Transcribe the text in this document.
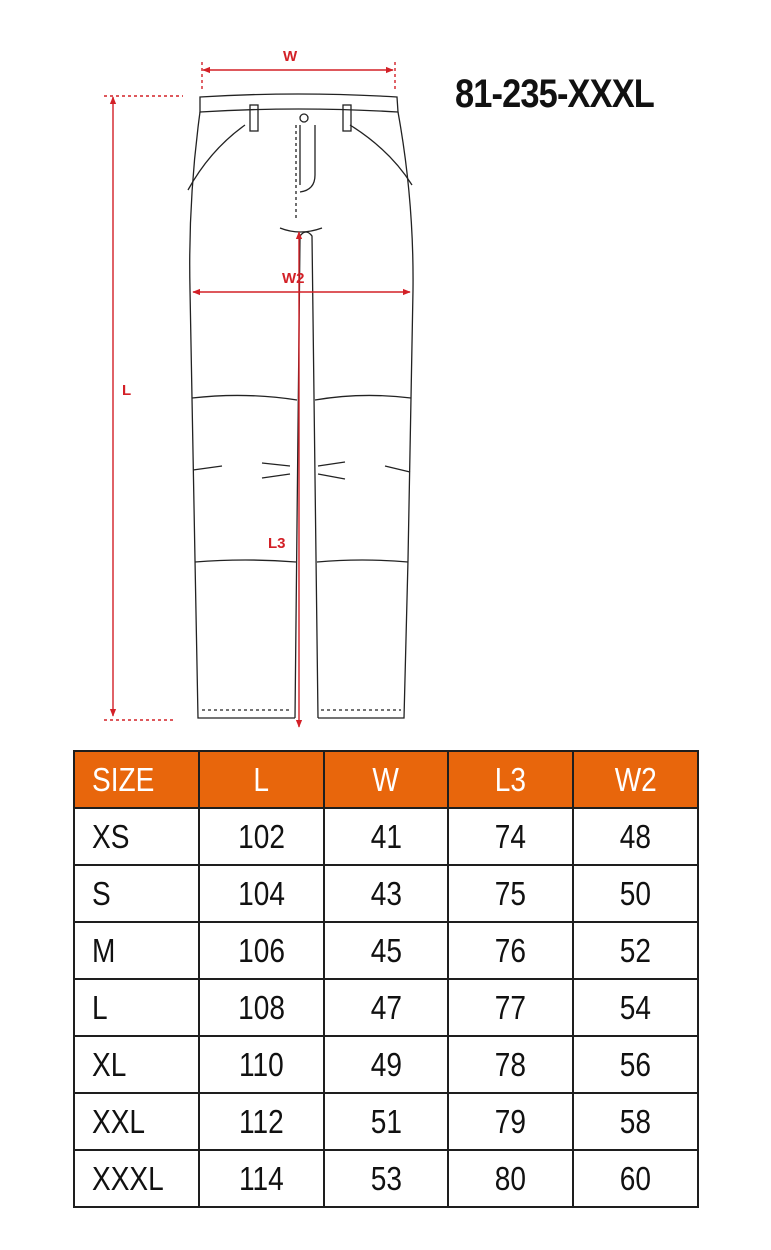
W
W2
L
L3
81-235-XXXL
SIZE	L	W	L3	W2
XS	102	41	74	48
S	104	43	75	50
M	106	45	76	52
L	108	47	77	54
XL	110	49	78	56
XXL	112	51	79	58
XXXL	114	53	80	60
